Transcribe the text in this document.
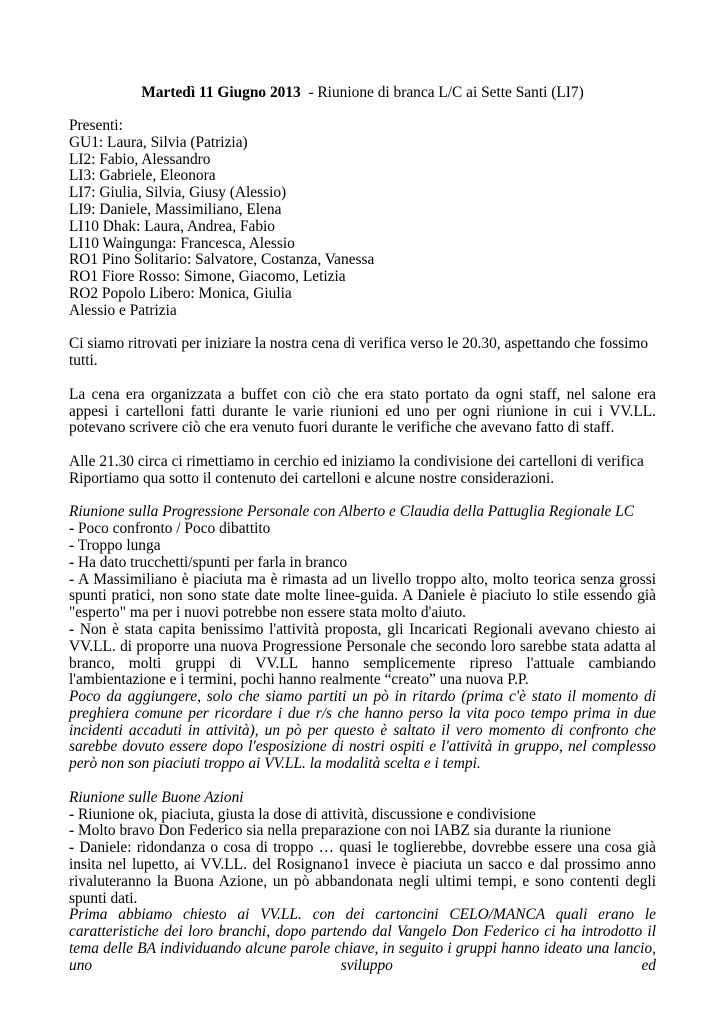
Martedì 11 Giugno 2013  - Riunione di branca L/C ai Sette Santi (LI7)

Presenti:

GU1: Laura, Silvia (Patrizia)

LI2: Fabio, Alessandro

LI3: Gabriele, Eleonora

LI7: Giulia, Silvia, Giusy (Alessio)

LI9: Daniele, Massimiliano, Elena

LI10 Dhak: Laura, Andrea, Fabio

LI10 Waingunga: Francesca, Alessio

RO1 Pino Solitario: Salvatore, Costanza, Vanessa

RO1 Fiore Rosso: Simone, Giacomo, Letizia

RO2 Popolo Libero: Monica, Giulia

Alessio e Patrizia

Ci siamo ritrovati per iniziare la nostra cena di verifica verso le 20.30, aspettando che fossimo tutti.

La cena era organizzata a buffet con ciò che era stato portato da ogni staff, nel salone era appesi i cartelloni fatti durante le varie riunioni ed uno per ogni riunione in cui i VV.LL. potevano scrivere ciò che era venuto fuori durante le verifiche che avevano fatto di staff.

Alle 21.30 circa ci rimettiamo in cerchio ed iniziamo la condivisione dei cartelloni di verifica

Riportiamo qua sotto il contenuto dei cartelloni e alcune nostre considerazioni.

Riunione sulla Progressione Personale con Alberto e Claudia della Pattuglia Regionale LC

- Poco confronto / Poco dibattito

- Troppo lunga

- Ha dato trucchetti/spunti per farla in branco

- A Massimiliano è piaciuta ma è rimasta ad un livello troppo alto, molto teorica senza grossi spunti pratici, non sono state date molte linee-guida. A Daniele è piaciuto lo stile essendo già "esperto" ma per i nuovi potrebbe non essere stata molto d'aiuto.

- Non è stata capita benissimo l'attività proposta, gli Incaricati Regionali avevano chiesto ai VV.LL. di proporre una nuova Progressione Personale che secondo loro sarebbe stata adatta al branco, molti gruppi di VV.LL hanno semplicemente ripreso l'attuale cambiando l'ambientazione e i termini, pochi hanno realmente “creato” una nuova P.P.

Poco da aggiungere, solo che siamo partiti un pò in ritardo (prima c'è stato il momento di preghiera comune per ricordare i due r/s che hanno perso la vita poco tempo prima in due incidenti accaduti in attività), un pò per questo è saltato il vero momento di confronto che sarebbe dovuto essere dopo l'esposizione di nostri ospiti e l'attività in gruppo, nel complesso però non son piaciuti troppo ai VV.LL. la modalità scelta e i tempi.

Riunione sulle Buone Azioni

- Riunione ok, piaciuta, giusta la dose di attività, discussione e condivisione

- Molto bravo Don Federico sia nella preparazione con noi IABZ sia durante la riunione

- Daniele: ridondanza o cosa di troppo … quasi le toglierebbe, dovrebbe essere una cosa già insita nel lupetto, ai VV.LL. del Rosignano1 invece è piaciuta un sacco e dal prossimo anno rivaluteranno la Buona Azione, un pò abbandonata negli ultimi tempi, e sono contenti degli spunti dati.

Prima abbiamo chiesto ai VV.LL. con dei cartoncini CELO/MANCA quali erano le caratteristiche dei loro branchi, dopo partendo dal Vangelo Don Federico ci ha introdotto il tema delle BA individuando alcune parole chiave, in seguito i gruppi hanno ideato una lancio, uno sviluppo ed
